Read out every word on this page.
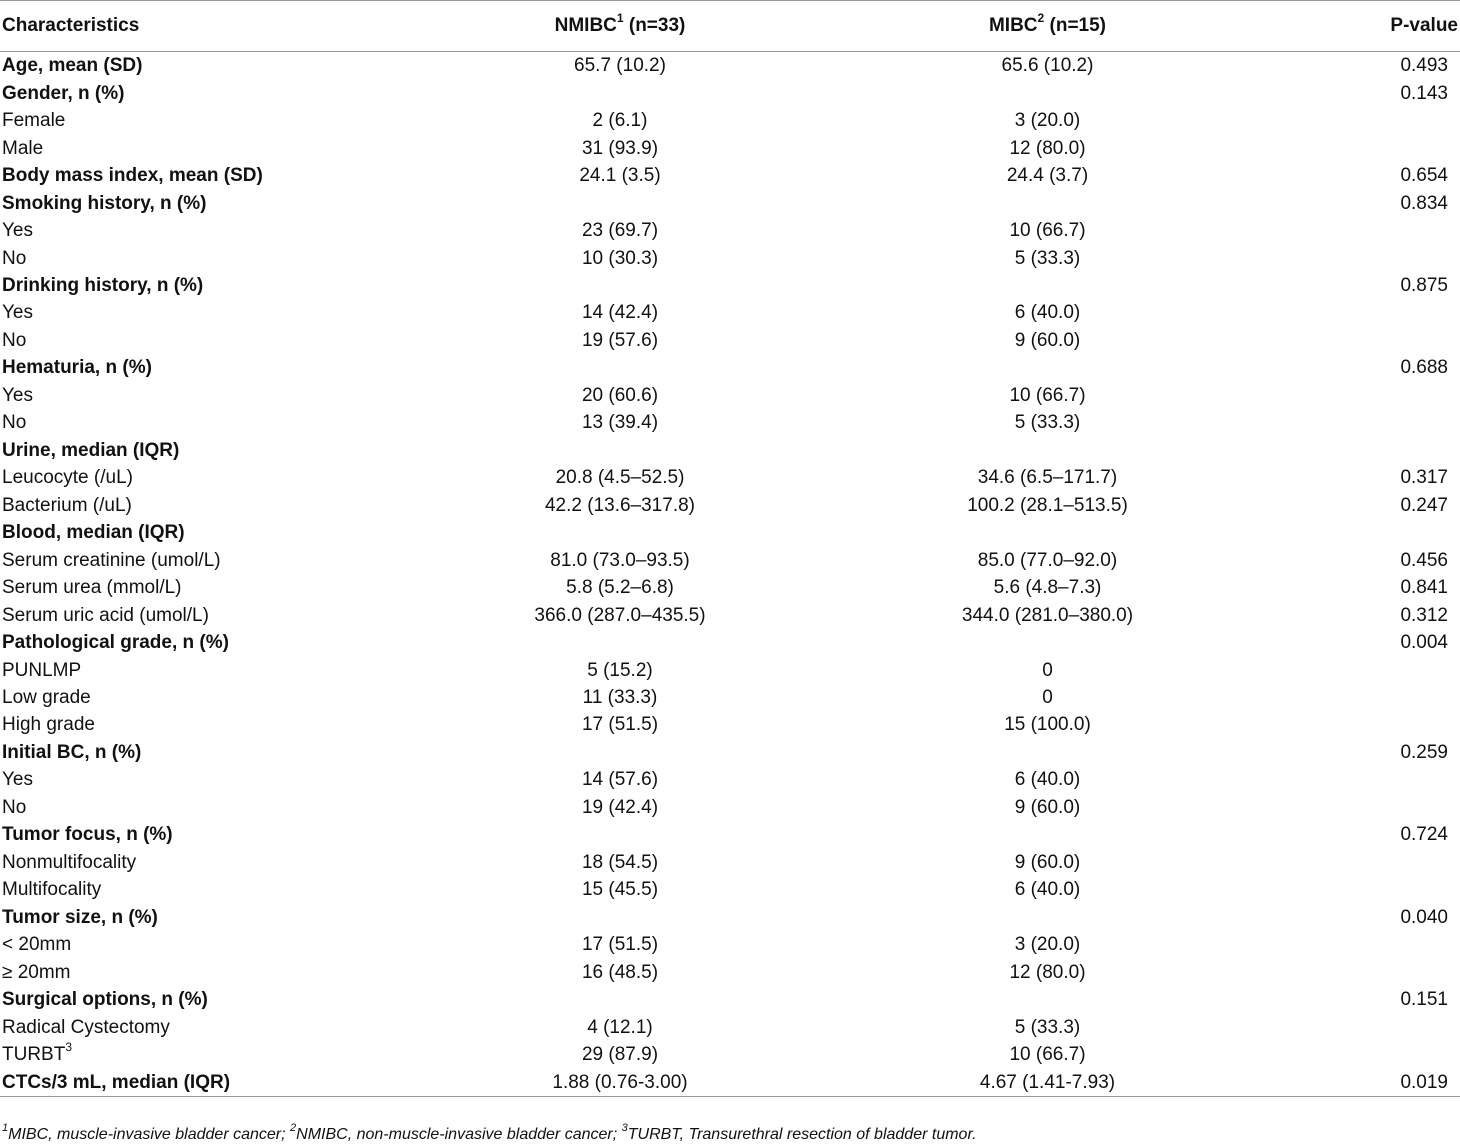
Characteristics	NMIBC$^1$ (n=33)	MIBC$^2$ (n=15)	P-value
Age, mean (SD)	65.7 (10.2)	65.6 (10.2)	0.493
Gender, n (%)			0.143
Female	2 (6.1)	3 (20.0)	
Male	31 (93.9)	12 (80.0)	
Body mass index, mean (SD)	24.1 (3.5)	24.4 (3.7)	0.654
Smoking history, n (%)			0.834
Yes	23 (69.7)	10 (66.7)	
No	10 (30.3)	5 (33.3)	
Drinking history, n (%)			0.875
Yes	14 (42.4)	6 (40.0)	
No	19 (57.6)	9 (60.0)	
Hematuria, n (%)			0.688
Yes	20 (60.6)	10 (66.7)	
No	13 (39.4)	5 (33.3)	
Urine, median (IQR)			
Leucocyte (/uL)	20.8 (4.5–52.5)	34.6 (6.5–171.7)	0.317
Bacterium (/uL)	42.2 (13.6–317.8)	100.2 (28.1–513.5)	0.247
Blood, median (IQR)			
Serum creatinine (umol/L)	81.0 (73.0–93.5)	85.0 (77.0–92.0)	0.456
Serum urea (mmol/L)	5.8 (5.2–6.8)	5.6 (4.8–7.3)	0.841
Serum uric acid (umol/L)	366.0 (287.0–435.5)	344.0 (281.0–380.0)	0.312
Pathological grade, n (%)			0.004
PUNLMP	5 (15.2)	0	
Low grade	11 (33.3)	0	
High grade	17 (51.5)	15 (100.0)	
Initial BC, n (%)			0.259
Yes	14 (57.6)	6 (40.0)	
No	19 (42.4)	9 (60.0)	
Tumor focus, n (%)			0.724
Nonmultifocality	18 (54.5)	9 (60.0)	
Multifocality	15 (45.5)	6 (40.0)	
Tumor size, n (%)			0.040
< 20mm	17 (51.5)	3 (20.0)	
≥ 20mm	16 (48.5)	12 (80.0)	
Surgical options, n (%)			0.151
Radical Cystectomy	4 (12.1)	5 (33.3)	
TURBT$^3$	29 (87.9)	10 (66.7)	
CTCs/3 mL, median (IQR)	1.88 (0.76-3.00)	4.67 (1.41-7.93)	0.019
$^1$MIBC, muscle-invasive bladder cancer; $^2$NMIBC, non-muscle-invasive bladder cancer; $^3$TURBT, Transurethral resection of bladder tumor.
